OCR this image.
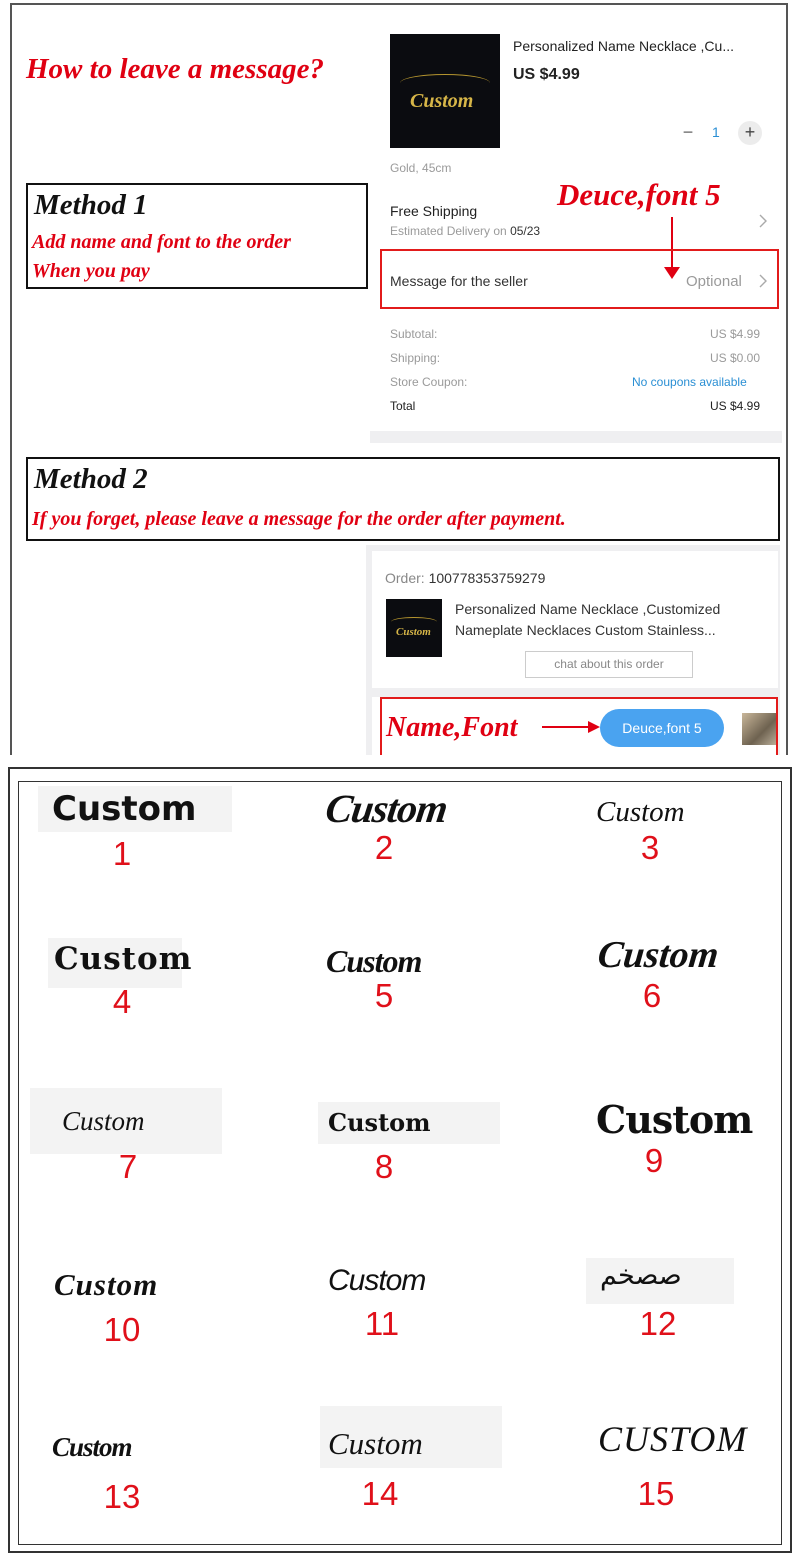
How to leave a message?
Custom
Personalized Name Necklace ,Cu...
US $4.99
−	1	+
Gold, 45cm
Deuce,font 5
Method 1
Add name and font to the order
When you pay
Free Shipping
Estimated Delivery on 05/23
Message for the seller	Optional
Subtotal:	US $4.99
Shipping:	US $0.00
Store Coupon:	No coupons available
Total	US $4.99
Method 2
If you forget, please leave a message for the order after payment.
Order: 100778353759279
Custom
Personalized Name Necklace ,Customized
Nameplate Necklaces Custom Stainless...
chat about this order
Name,Font	Deuce,font 5
Custom
1
Custom
2
Custom
3
Custom
4
Custom
5
Custom
6
Custom
7
Custom
8
Custom
9
Custom
10
Custom
11
صصخم
12
Custom
13
Custom
14
CUSTOM
15
